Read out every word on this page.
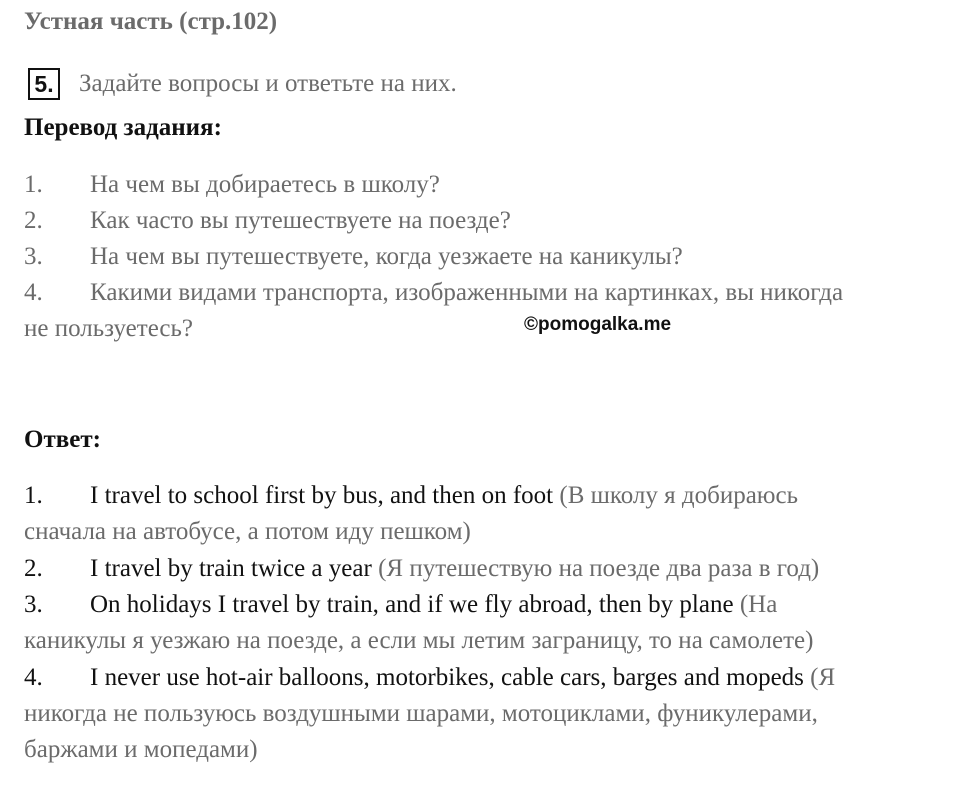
Устная часть (стр.102)
5. Задайте вопросы и ответьте на них.
Перевод задания:
1. На чем вы добираетесь в школу?
2. Как часто вы путешествуете на поезде?
3. На чем вы путешествуете, когда уезжаете на каникулы?
4. Какими видами транспорта, изображенными на картинках, вы никогда
не пользуетесь?	©pomogalka.me
Ответ:
1. I travel to school first by bus, and then on foot (В школу я добираюсь
сначала на автобусе, а потом иду пешком)
2. I travel by train twice a year (Я путешествую на поезде два раза в год)
3. On holidays I travel by train, and if we fly abroad, then by plane (На
каникулы я уезжаю на поезде, а если мы летим заграницу, то на самолете)
4. I never use hot-air balloons, motorbikes, cable cars, barges and mopeds (Я
никогда не пользуюсь воздушными шарами, мотоциклами, фуникулерами,
баржами и мопедами)
